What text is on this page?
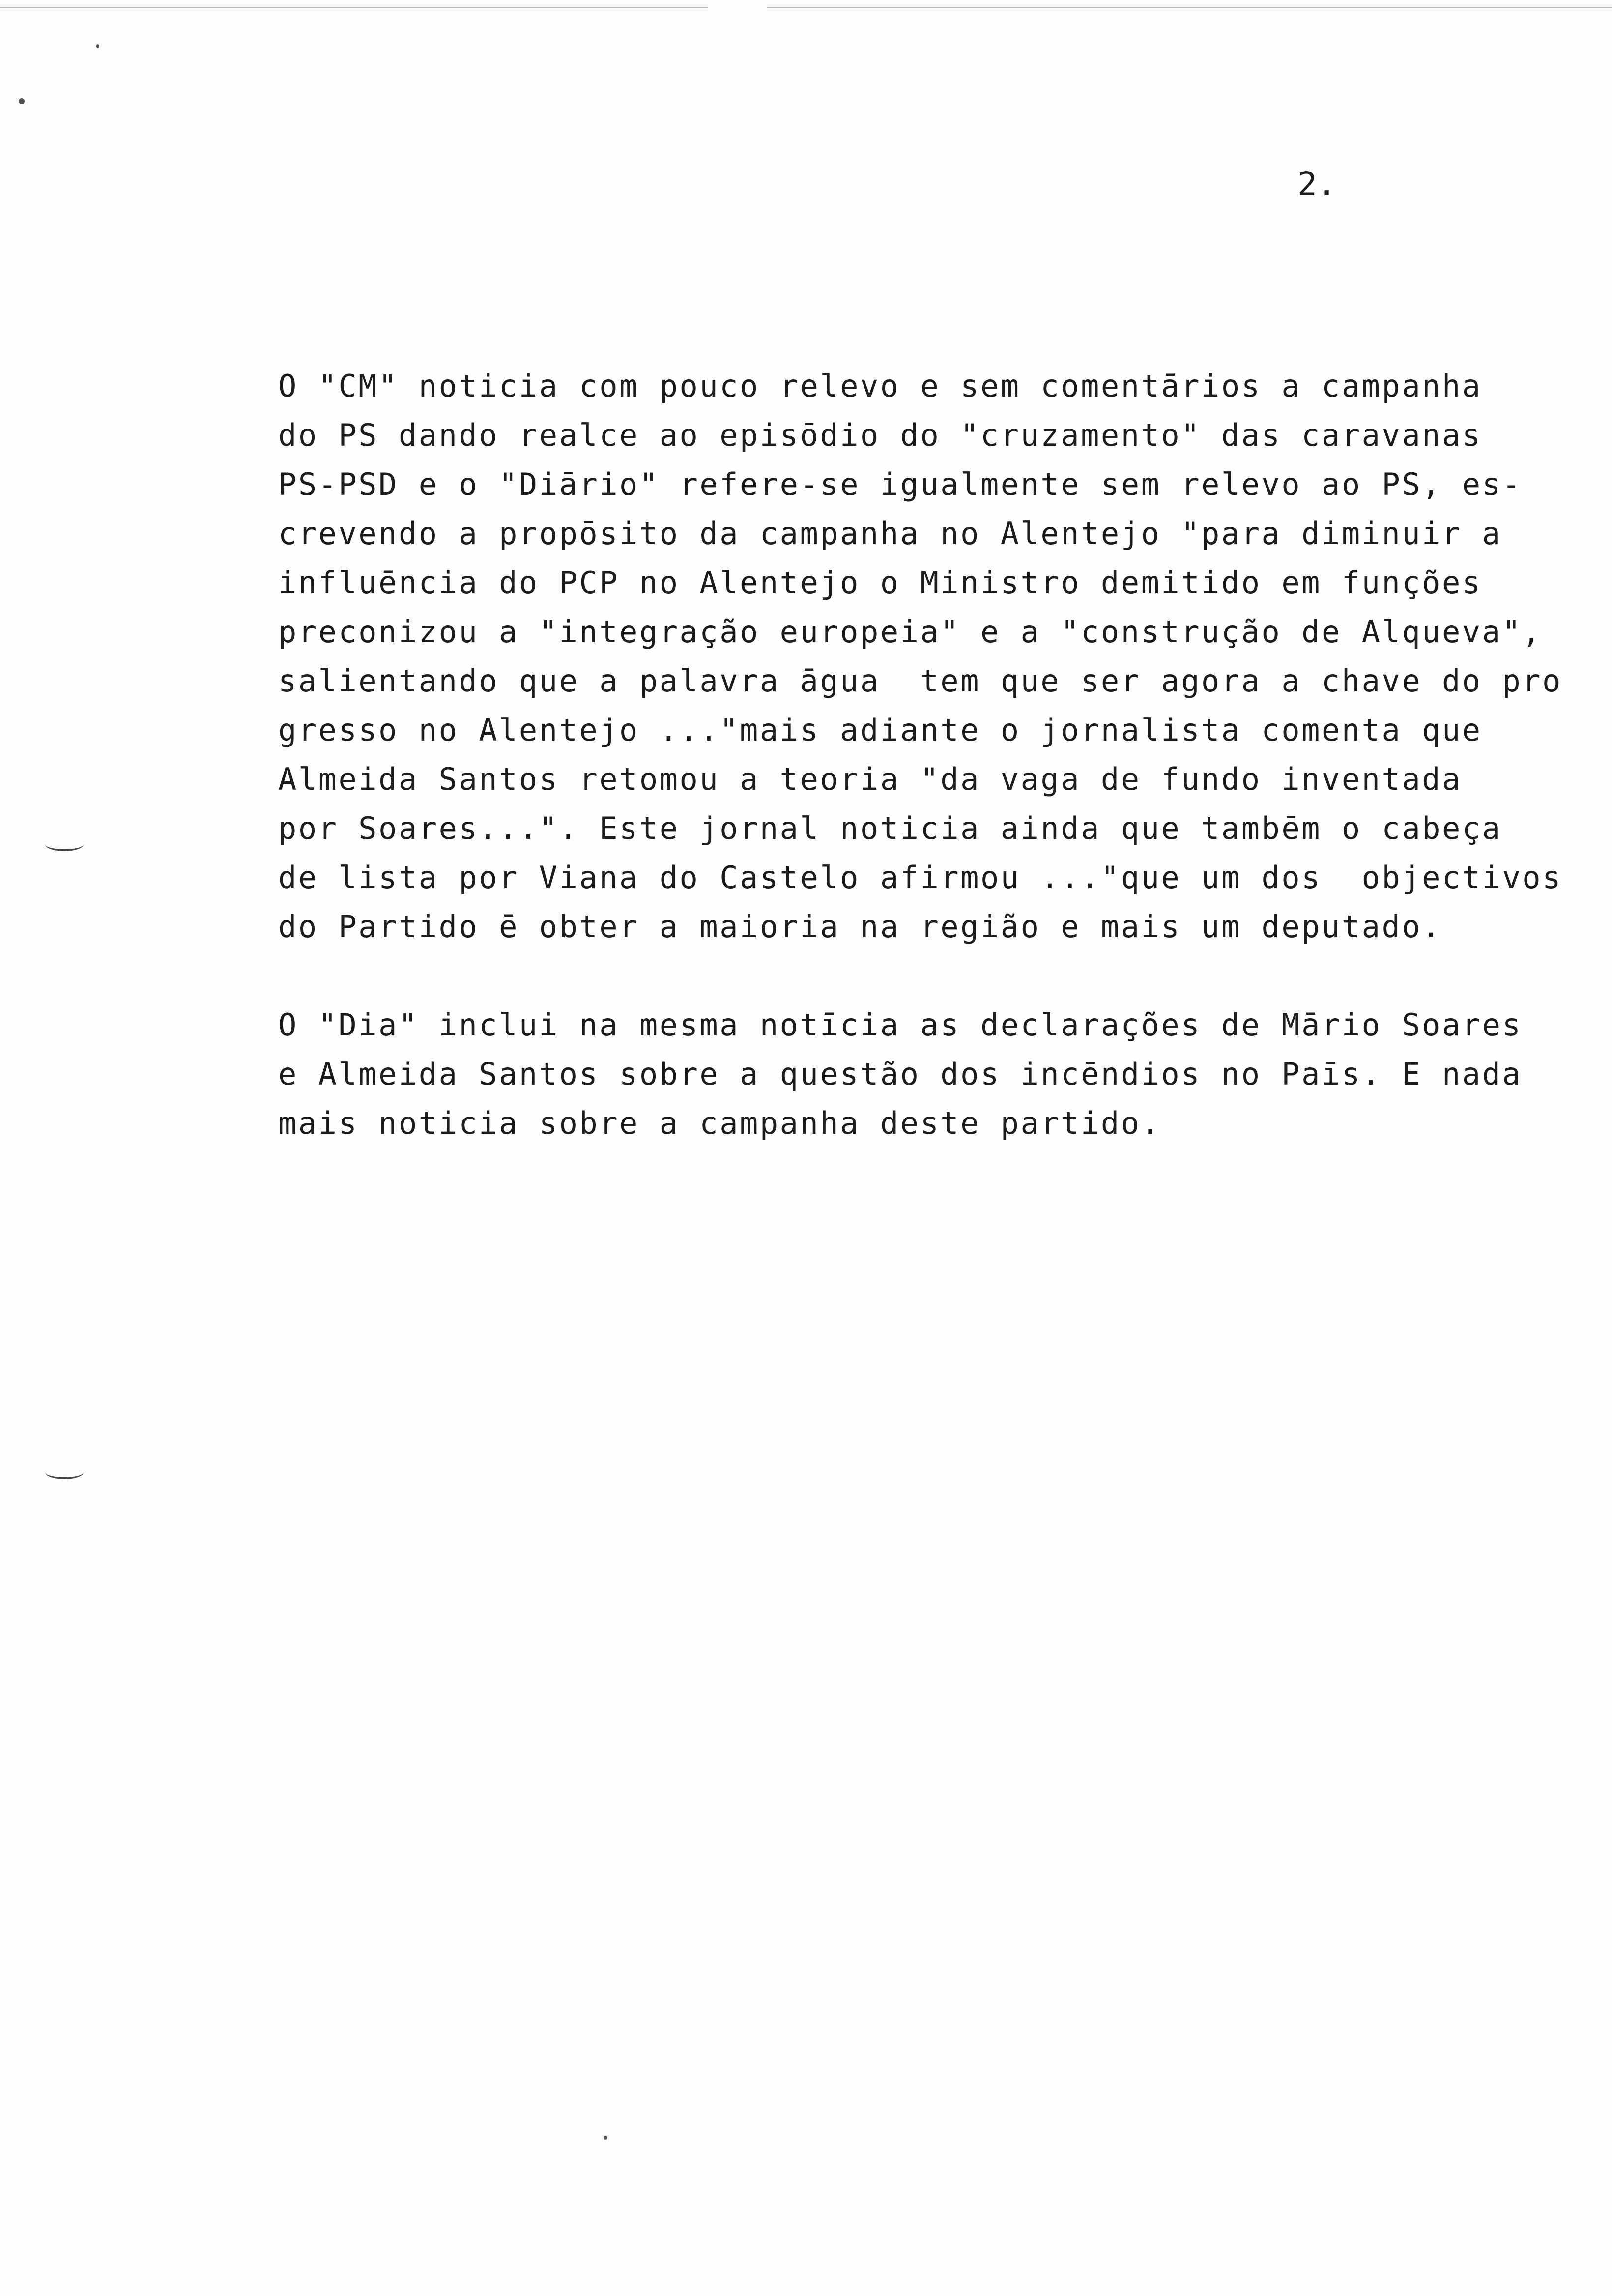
2.

O "CM" noticia com pouco relevo e sem comentārios a campanha
do PS dando realce ao episōdio do "cruzamento" das caravanas
PS-PSD e o "Diārio" refere-se igualmente sem relevo ao PS, es-
crevendo a propōsito da campanha no Alentejo "para diminuir a
influēncia do PCP no Alentejo o Ministro demitido em funções
preconizou a "integração europeia" e a "construção de Alqueva",
salientando que a palavra āgua  tem que ser agora a chave do pro
gresso no Alentejo ..."mais adiante o jornalista comenta que
Almeida Santos retomou a teoria "da vaga de fundo inventada
por Soares...". Este jornal noticia ainda que tambēm o cabeça
de lista por Viana do Castelo afirmou ..."que um dos  objectivos
do Partido ē obter a maioria na região e mais um deputado.

O "Dia" inclui na mesma notīcia as declarações de Mārio Soares
e Almeida Santos sobre a questão dos incēndios no Paīs. E nada
mais noticia sobre a campanha deste partido.
